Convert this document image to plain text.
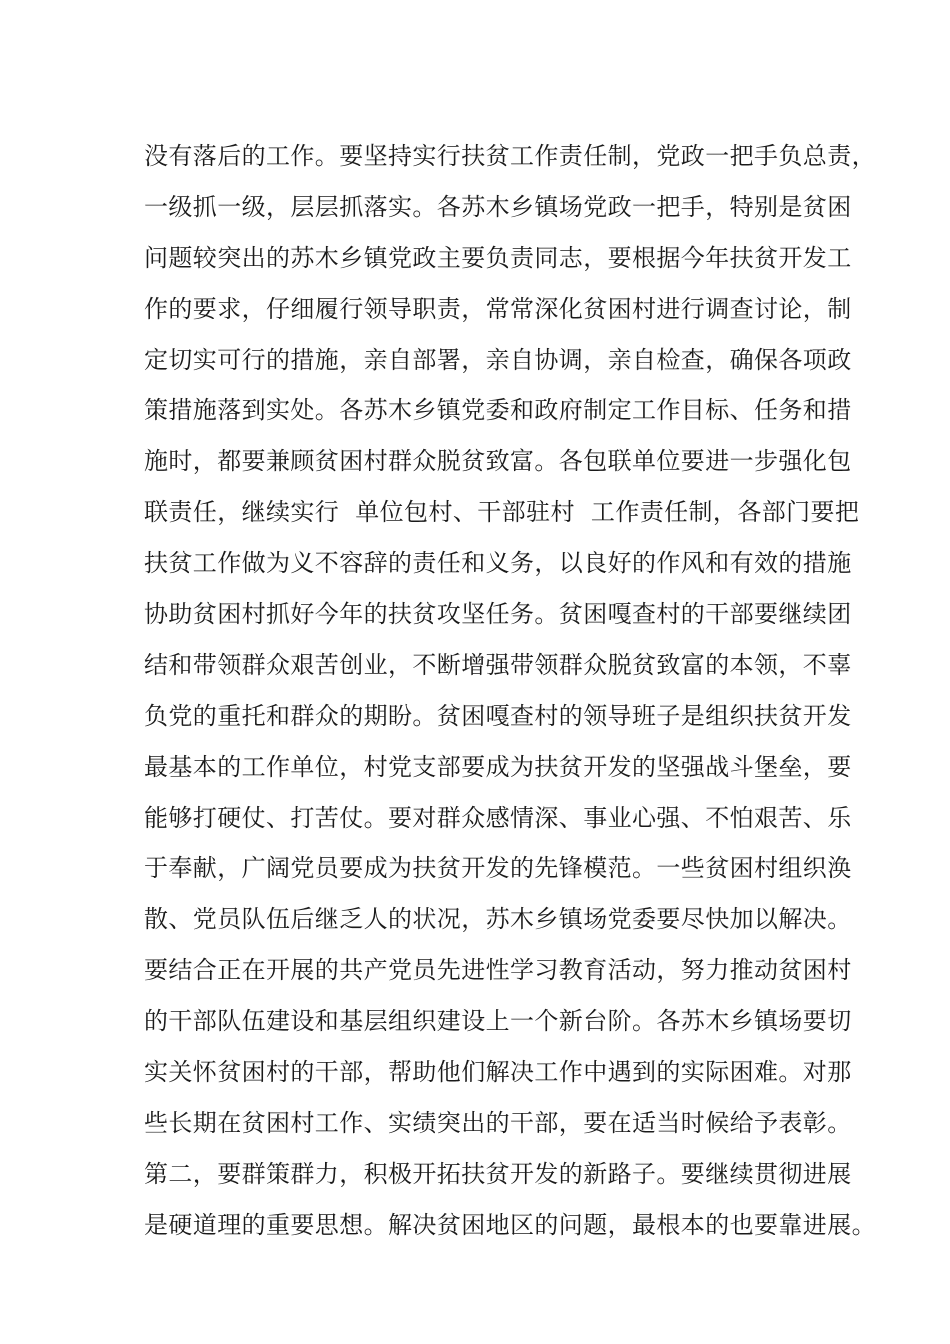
没有落后的工作。要坚持实行扶贫工作责任制，党政一把手负总责，
一级抓一级，层层抓落实。各苏木乡镇场党政一把手，特别是贫困
问题较突出的苏木乡镇党政主要负责同志，要根据今年扶贫开发工
作的要求，仔细履行领导职责，常常深化贫困村进行调查讨论，制
定切实可行的措施，亲自部署，亲自协调，亲自检查，确保各项政
策措施落到实处。各苏木乡镇党委和政府制定工作目标、任务和措
施时，都要兼顾贫困村群众脱贫致富。各包联单位要进一步强化包
联责任，继续实行  单位包村、干部驻村  工作责任制，各部门要把
扶贫工作做为义不容辞的责任和义务，以良好的作风和有效的措施
协助贫困村抓好今年的扶贫攻坚任务。贫困嘎查村的干部要继续团
结和带领群众艰苦创业，不断增强带领群众脱贫致富的本领，不辜
负党的重托和群众的期盼。贫困嘎查村的领导班子是组织扶贫开发
最基本的工作单位，村党支部要成为扶贫开发的坚强战斗堡垒，要
能够打硬仗、打苦仗。要对群众感情深、事业心强、不怕艰苦、乐
于奉献，广阔党员要成为扶贫开发的先锋模范。一些贫困村组织涣
散、党员队伍后继乏人的状况，苏木乡镇场党委要尽快加以解决。
要结合正在开展的共产党员先进性学习教育活动，努力推动贫困村
的干部队伍建设和基层组织建设上一个新台阶。各苏木乡镇场要切
实关怀贫困村的干部，帮助他们解决工作中遇到的实际困难。对那
些长期在贫困村工作、实绩突出的干部，要在适当时候给予表彰。
第二，要群策群力，积极开拓扶贫开发的新路子。要继续贯彻进展
是硬道理的重要思想。解决贫困地区的问题，最根本的也要靠进展。
